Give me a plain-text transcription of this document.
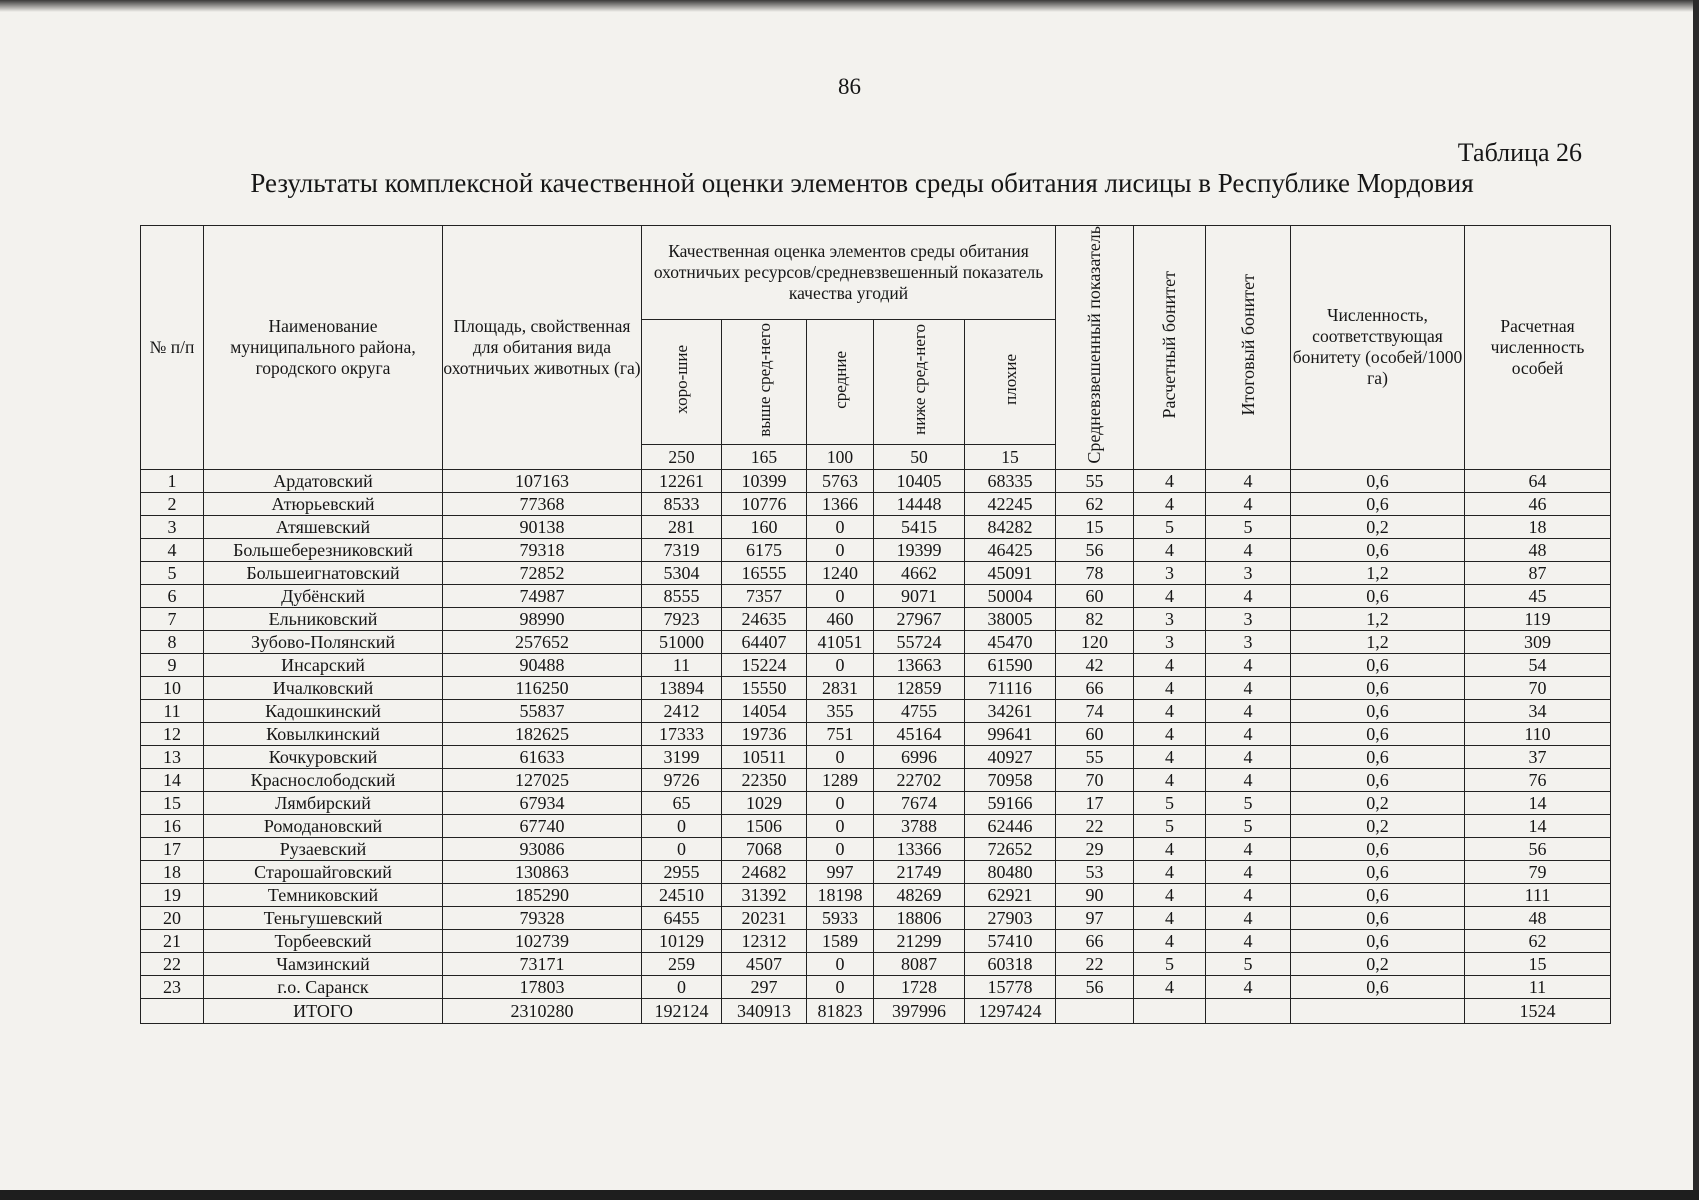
86
Таблица 26
Результаты комплексной качественной оценки элементов среды обитания лисицы в Республике Мордовия
№ п/п	Наименование муниципального района, городского округа	Площадь, свойственная для обитания вида охотничьих животных (га)	Качественная оценка элементов среды обитания охотничьих ресурсов/средневзвешенный показатель качества угодий					Средневзвешенный показатель	Расчетный бонитет	Итоговый бонитет	Численность, соответствующая бонитету (особей/1000 га)	Расчетная численность особей
			хоро-шие	выше сред-него	средние	ниже сред-него	плохие					
			250	165	100	50	15					
1	Ардатовский	107163	12261	10399	5763	10405	68335	55	4	4	0,6	64
2	Атюрьевский	77368	8533	10776	1366	14448	42245	62	4	4	0,6	46
3	Атяшевский	90138	281	160	0	5415	84282	15	5	5	0,2	18
4	Большеберезниковский	79318	7319	6175	0	19399	46425	56	4	4	0,6	48
5	Большеигнатовский	72852	5304	16555	1240	4662	45091	78	3	3	1,2	87
6	Дубёнский	74987	8555	7357	0	9071	50004	60	4	4	0,6	45
7	Ельниковский	98990	7923	24635	460	27967	38005	82	3	3	1,2	119
8	Зубово-Полянский	257652	51000	64407	41051	55724	45470	120	3	3	1,2	309
9	Инсарский	90488	11	15224	0	13663	61590	42	4	4	0,6	54
10	Ичалковский	116250	13894	15550	2831	12859	71116	66	4	4	0,6	70
11	Кадошкинский	55837	2412	14054	355	4755	34261	74	4	4	0,6	34
12	Ковылкинский	182625	17333	19736	751	45164	99641	60	4	4	0,6	110
13	Кочкуровский	61633	3199	10511	0	6996	40927	55	4	4	0,6	37
14	Краснослободский	127025	9726	22350	1289	22702	70958	70	4	4	0,6	76
15	Лямбирский	67934	65	1029	0	7674	59166	17	5	5	0,2	14
16	Ромодановский	67740	0	1506	0	3788	62446	22	5	5	0,2	14
17	Рузаевский	93086	0	7068	0	13366	72652	29	4	4	0,6	56
18	Старошайговский	130863	2955	24682	997	21749	80480	53	4	4	0,6	79
19	Темниковский	185290	24510	31392	18198	48269	62921	90	4	4	0,6	111
20	Теньгушевский	79328	6455	20231	5933	18806	27903	97	4	4	0,6	48
21	Торбеевский	102739	10129	12312	1589	21299	57410	66	4	4	0,6	62
22	Чамзинский	73171	259	4507	0	8087	60318	22	5	5	0,2	15
23	г.о. Саранск	17803	0	297	0	1728	15778	56	4	4	0,6	11
	ИТОГО	2310280	192124	340913	81823	397996	1297424					1524
